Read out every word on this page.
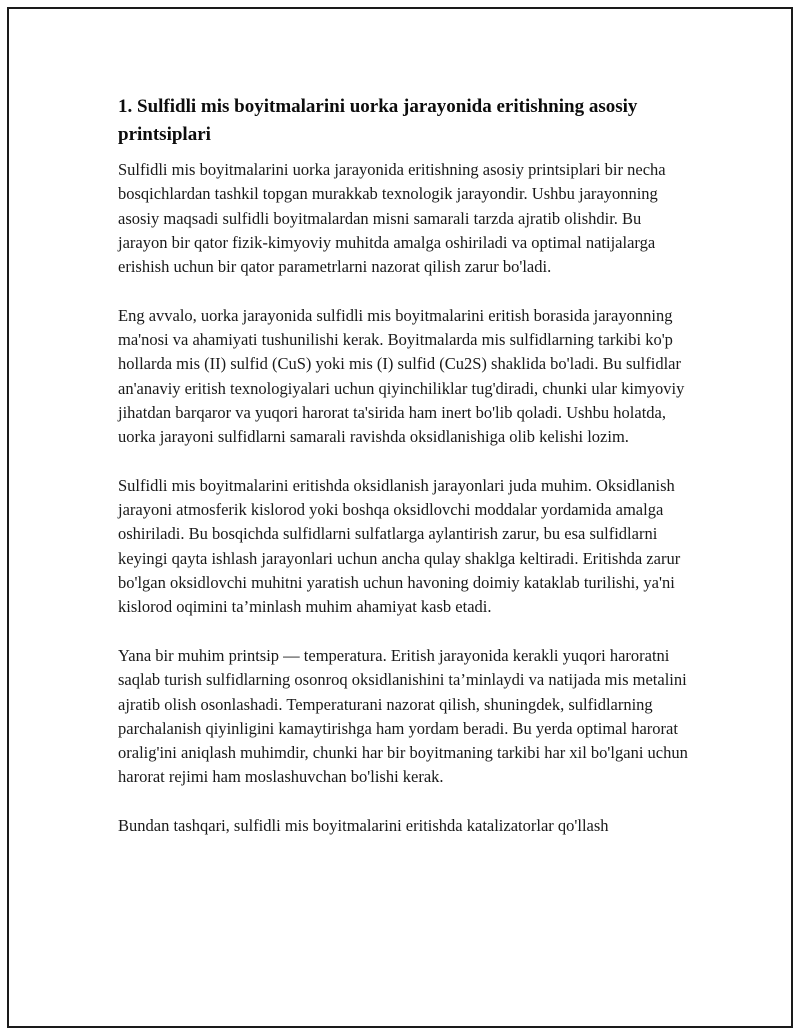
1. Sulfidli mis boyitmalarini uorka jarayonida eritishning asosiy printsiplari

Sulfidli mis boyitmalarini uorka jarayonida eritishning asosiy printsiplari bir necha bosqichlardan tashkil topgan murakkab texnologik jarayondir. Ushbu jarayonning asosiy maqsadi sulfidli boyitmalardan misni samarali tarzda ajratib olishdir. Bu jarayon bir qator fizik-kimyoviy muhitda amalga oshiriladi va optimal natijalarga erishish uchun bir qator parametrlarni nazorat qilish zarur bo'ladi.

Eng avvalo, uorka jarayonida sulfidli mis boyitmalarini eritish borasida jarayonning ma'nosi va ahamiyati tushunilishi kerak. Boyitmalarda mis sulfidlarning tarkibi ko'p hollarda mis (II) sulfid (CuS) yoki mis (I) sulfid (Cu2S) shaklida bo'ladi. Bu sulfidlar an'anaviy eritish texnologiyalari uchun qiyinchiliklar tug'diradi, chunki ular kimyoviy jihatdan barqaror va yuqori harorat ta'sirida ham inert bo'lib qoladi. Ushbu holatda, uorka jarayoni sulfidlarni samarali ravishda oksidlanishiga olib kelishi lozim.

Sulfidli mis boyitmalarini eritishda oksidlanish jarayonlari juda muhim. Oksidlanish jarayoni atmosferik kislorod yoki boshqa oksidlovchi moddalar yordamida amalga oshiriladi. Bu bosqichda sulfidlarni sulfatlarga aylantirish zarur, bu esa sulfidlarni keyingi qayta ishlash jarayonlari uchun ancha qulay shaklga keltiradi. Eritishda zarur bo'lgan oksidlovchi muhitni yaratish uchun havoning doimiy kataklab turilishi, ya'ni kislorod oqimini ta’minlash muhim ahamiyat kasb etadi.

Yana bir muhim printsip — temperatura. Eritish jarayonida kerakli yuqori haroratni saqlab turish sulfidlarning osonroq oksidlanishini ta’minlaydi va natijada mis metalini ajratib olish osonlashadi. Temperaturani nazorat qilish, shuningdek, sulfidlarning parchalanish qiyinligini kamaytirishga ham yordam beradi. Bu yerda optimal harorat oralig'ini aniqlash muhimdir, chunki har bir boyitmaning tarkibi har xil bo'lgani uchun harorat rejimi ham moslashuvchan bo'lishi kerak.

Bundan tashqari, sulfidli mis boyitmalarini eritishda katalizatorlar qo'llash
